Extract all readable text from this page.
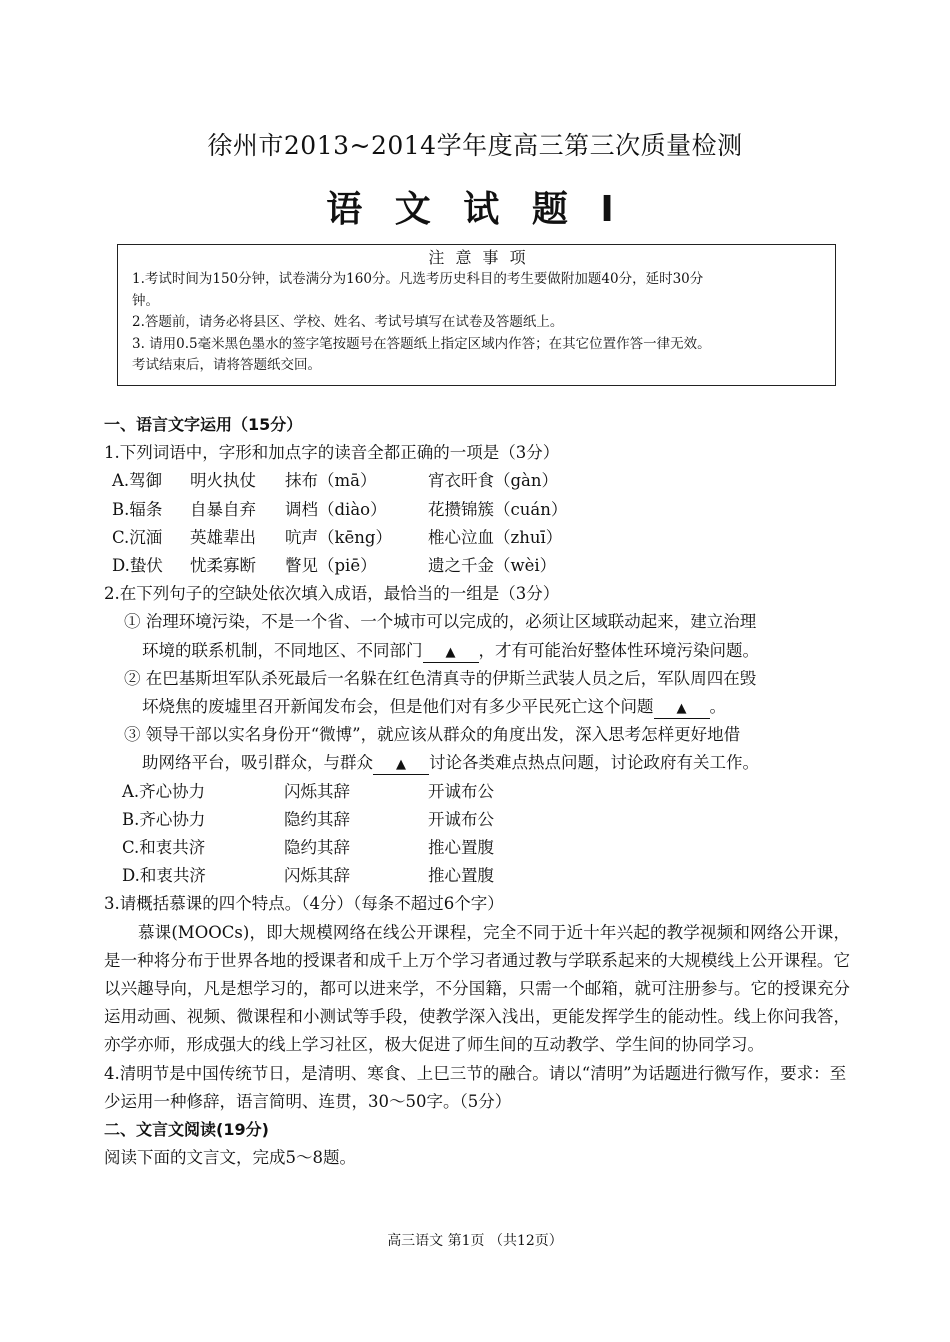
徐州市2013~2014学年度高三第三次质量检测
语 文 试 题 Ⅰ
注 意 事 项
1.考试时间为150分钟，试卷满分为160分。凡选考历史科目的考生要做附加题40分，延时30分
钟。
2.答题前，请务必将县区、学校、姓名、考试号填写在试卷及答题纸上。
3. 请用0.5毫米黑色墨水的签字笔按题号在答题纸上指定区域内作答；在其它位置作答一律无效。
考试结束后，请将答题纸交回。
一、语言文字运用（15分）
1.下列词语中，字形和加点字的读音全都正确的一项是（3分）
A.驾御 明火执仗 抹布（mā）	宵衣旰食（gàn）
B.辐条 自暴自弃 调档（diào）	花攒锦簇（cuán）
C.沉湎 英雄辈出 吭声（kēng） 椎心泣血（zhuī）
D.蛰伏 忧柔寡断 瞥见（piē）	遗之千金（wèi）
2.在下列句子的空缺处依次填入成语，最恰当的一组是（3分）
① 治理环境污染，不是一个省、一个城市可以完成的，必须让区域联动起来，建立治理
环境的联系机制，不同地区、不同部门 ▲ ，才有可能治好整体性环境污染问题。
② 在巴基斯坦军队杀死最后一名躲在红色清真寺的伊斯兰武装人员之后，军队周四在毁
坏烧焦的废墟里召开新闻发布会，但是他们对有多少平民死亡这个问题 ▲ 。
③ 领导干部以实名身份开“微博”，就应该从群众的角度出发，深入思考怎样更好地借
助网络平台，吸引群众，与群众 ▲ 讨论各类难点热点问题，讨论政府有关工作。
A.齐心协力	闪烁其辞	开诚布公
B.齐心协力	隐约其辞	开诚布公
C.和衷共济	隐约其辞	推心置腹
D.和衷共济	闪烁其辞	推心置腹
3.请概括慕课的四个特点。（4分）（每条不超过6个字）
慕课(MOOCs)，即大规模网络在线公开课程，完全不同于近十年兴起的教学视频和网络公开课，是一种将分布于世界各地的授课者和成千上万个学习者通过教与学联系起来的大规模线上公开课程。它以兴趣导向，凡是想学习的，都可以进来学，不分国籍，只需一个邮箱，就可注册参与。它的授课充分运用动画、视频、微课程和小测试等手段，使教学深入浅出，更能发挥学生的能动性。线上你问我答，亦学亦师，形成强大的线上学习社区，极大促进了师生间的互动教学、学生间的协同学习。
4.清明节是中国传统节日，是清明、寒食、上巳三节的融合。请以“清明”为话题进行微写作，要求：至少运用一种修辞，语言简明、连贯，30～50字。（5分）
二、文言文阅读(19分)
阅读下面的文言文，完成5～8题。
高三语文 第1页 （共12页）
